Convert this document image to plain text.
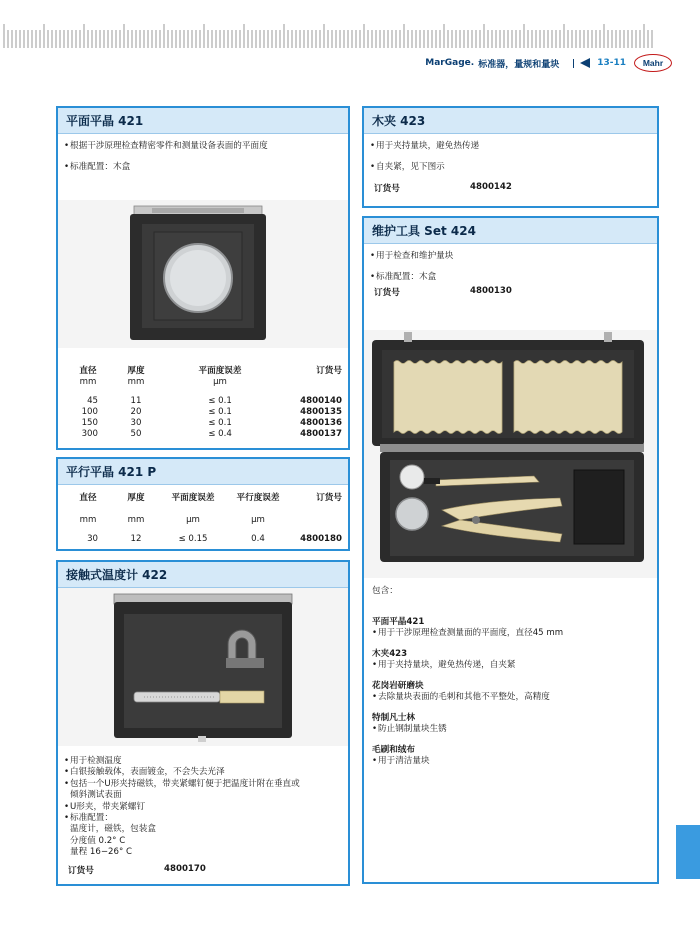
MarGage. 标准器，量规和量块	13-11	Mahr
平面平晶 421
• 根据干涉原理检查精密零件和测量设备表面的平面度
• 标准配置：木盒
直径	厚度	平面度误差	订货号
mm	mm	µm	

45	11	≤ 0.1	4800140
100	20	≤ 0.1	4800135
150	30	≤ 0.1	4800136
300	50	≤ 0.4	4800137
平行平晶 421 P
直径	厚度	平面度误差	平行度误差	订货号

mm	mm	µm	µm	

30	12	≤ 0.15	0.4	4800180
接触式温度计 422
• 用于检测温度
• 白银接触载体，表面镀金，不会失去光泽
• 包括一个U形夹持磁铁，带夹紧螺钉便于把温度计附在垂直或
倾斜测试表面
• U形夹，带夹紧螺钉
• 标准配置：
温度计，磁铁，包装盒
分度值 0.2° C
量程 16−26° C
订货号	4800170
木夹 423
• 用于夹持量块，避免热传递
• 自夹紧，见下图示
订货号	4800142
维护工具 Set 424
• 用于检查和维护量块
• 标准配置：木盒
订货号	4800130
包含：
平面平晶421
• 用于干涉原理检查测量面的平面度，直径45 mm
木夹423
• 用于夹持量块，避免热传递，自夹紧
花岗岩研磨块
• 去除量块表面的毛刺和其他不平整处，高精度
特制凡士林
• 防止钢制量块生锈
毛刷和绒布
• 用于清洁量块
